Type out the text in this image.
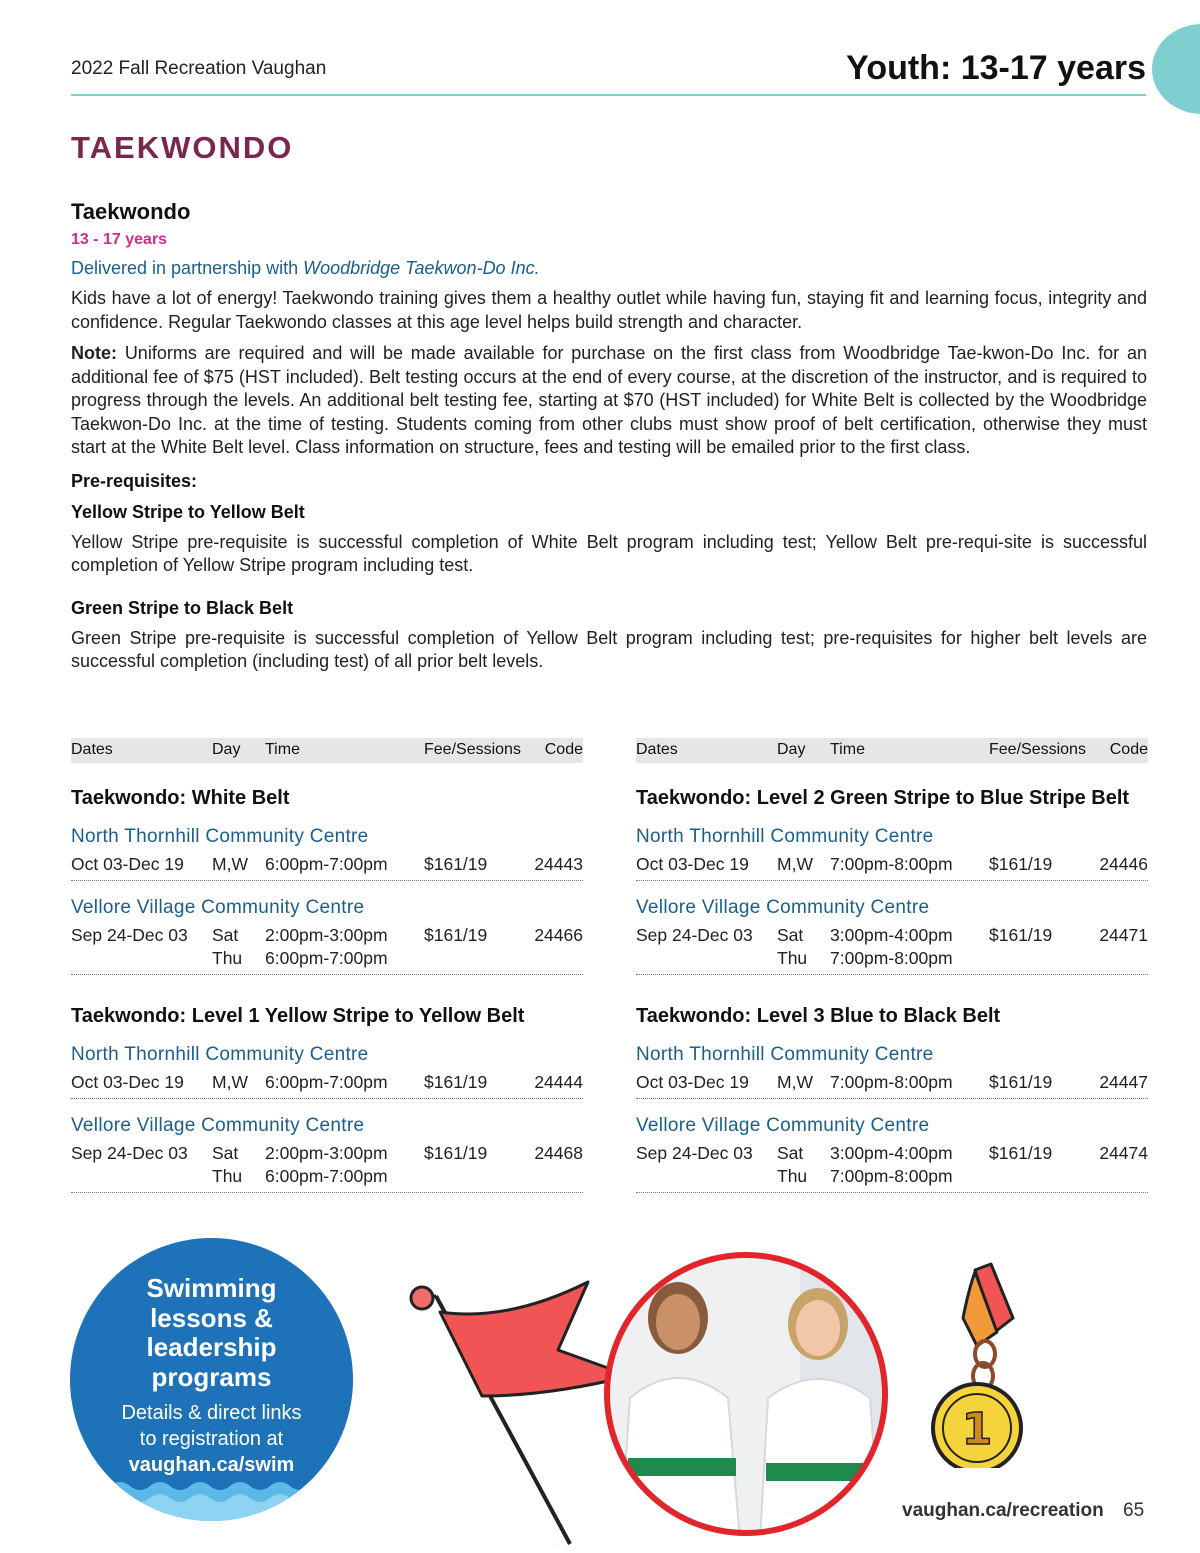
2022 Fall Recreation Vaughan	Youth: 13-17 years
TAEKWONDO
Taekwondo
13 - 17 years
Delivered in partnership with Woodbridge Taekwon-Do Inc.

Kids have a lot of energy! Taekwondo training gives them a healthy outlet while having fun, staying fit and learning focus, integrity and confidence. Regular Taekwondo classes at this age level helps build strength and character.

Note: Uniforms are required and will be made available for purchase on the first class from Woodbridge Tae-kwon-Do Inc. for an additional fee of $75 (HST included). Belt testing occurs at the end of every course, at the discretion of the instructor, and is required to progress through the levels. An additional belt testing fee, starting at $70 (HST included) for White Belt is collected by the Woodbridge Taekwon-Do Inc. at the time of testing. Students coming from other clubs must show proof of belt certification, otherwise they must start at the White Belt level. Class information on structure, fees and testing will be emailed prior to the first class.

Pre-requisites:
Yellow Stripe to Yellow Belt

Yellow Stripe pre-requisite is successful completion of White Belt program including test; Yellow Belt pre-requi-site is successful completion of Yellow Stripe program including test.

Green Stripe to Black Belt

Green Stripe pre-requisite is successful completion of Yellow Belt program including test; pre-requisites for higher belt levels are successful completion (including test) of all prior belt levels.

Dates	Day Time	Fee/Sessions Code
Taekwondo: White Belt
North Thornhill Community Centre
Oct 03-Dec 19 M,W 6:00pm-7:00pm $161/19	24443
Vellore Village Community Centre
Sep 24-Dec 03 Sat 2:00pm-3:00pm $161/19	24466
Thu 6:00pm-7:00pm
Taekwondo: Level 1 Yellow Stripe to Yellow Belt
North Thornhill Community Centre
Oct 03-Dec 19 M,W 6:00pm-7:00pm $161/19	24444
Vellore Village Community Centre
Sep 24-Dec 03 Sat 2:00pm-3:00pm $161/19	24468
Thu 6:00pm-7:00pm
Dates	Day Time	Fee/Sessions Code
Taekwondo: Level 2 Green Stripe to Blue Stripe Belt
North Thornhill Community Centre
Oct 03-Dec 19 M,W 7:00pm-8:00pm $161/19	24446
Vellore Village Community Centre
Sep 24-Dec 03 Sat 3:00pm-4:00pm $161/19	24471
Thu 7:00pm-8:00pm
Taekwondo: Level 3 Blue to Black Belt
North Thornhill Community Centre
Oct 03-Dec 19 M,W 7:00pm-8:00pm $161/19	24447
Vellore Village Community Centre
Sep 24-Dec 03 Sat 3:00pm-4:00pm $161/19	24474
Thu 7:00pm-8:00pm
Swimming
lessons &
leadership
programs
Details & direct links
to registration at
vaughan.ca/swim
1
vaughan.ca/recreation 65
